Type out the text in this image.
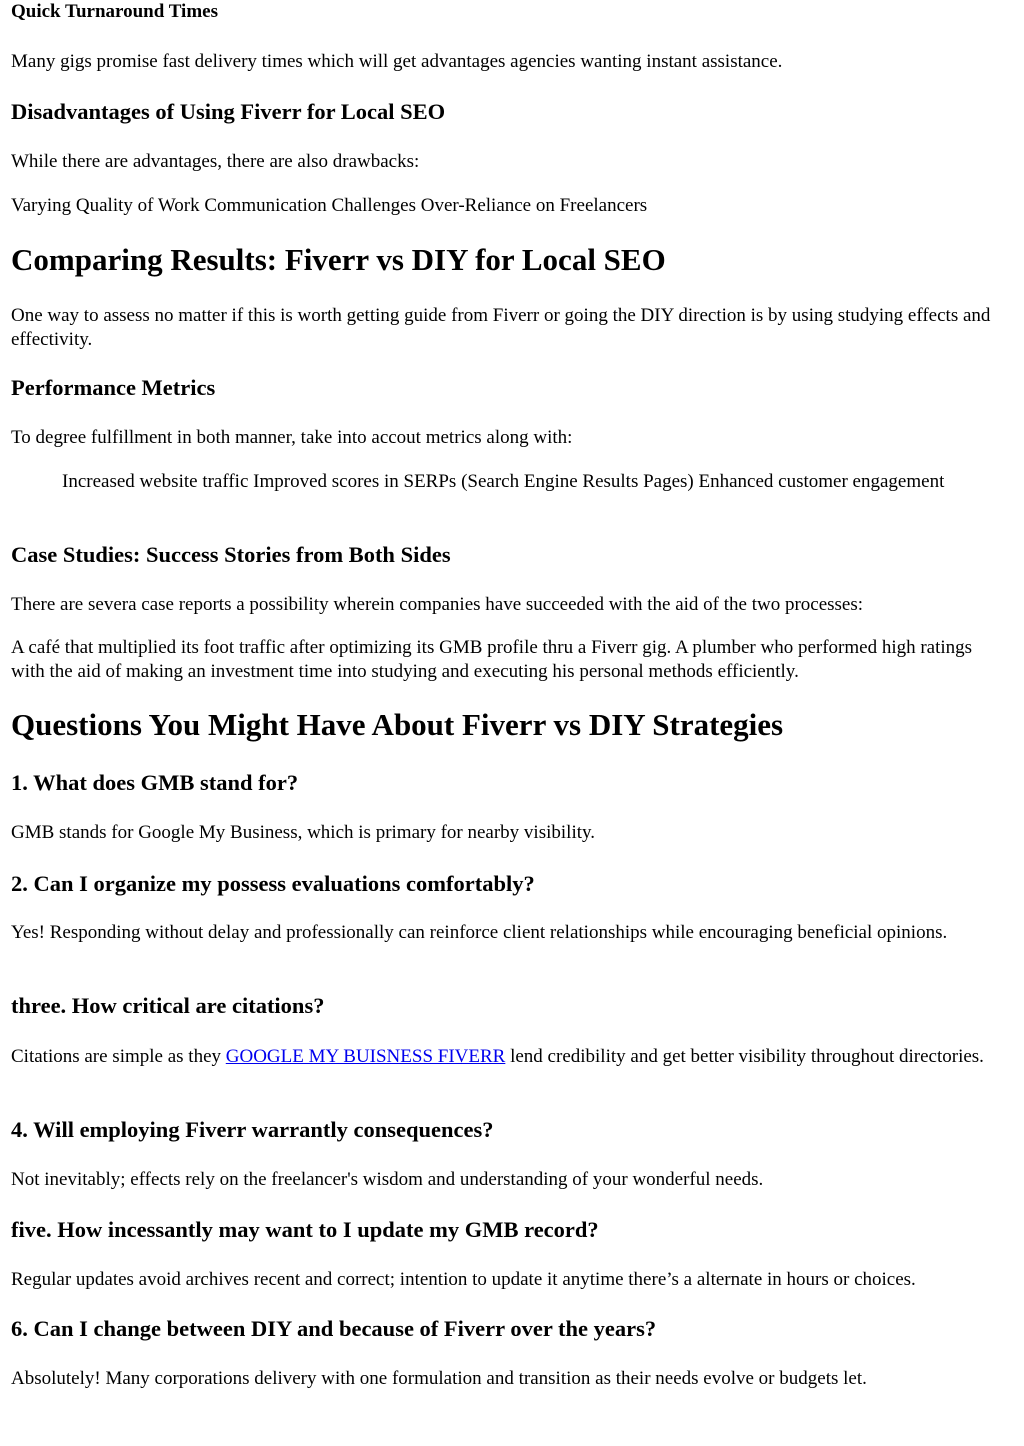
Quick Turnaround Times

Many gigs promise fast delivery times which will get advantages agencies wanting instant assistance.

Disadvantages of Using Fiverr for Local SEO

While there are advantages, there are also drawbacks:

Varying Quality of Work Communication Challenges Over-Reliance on Freelancers

Comparing Results: Fiverr vs DIY for Local SEO

One way to assess no matter if this is worth getting guide from Fiverr or going the DIY direction is by using studying effects and effectivity.

Performance Metrics

To degree fulfillment in both manner, take into accout metrics along with:

Increased website traffic Improved scores in SERPs (Search Engine Results Pages) Enhanced customer engagement
Case Studies: Success Stories from Both Sides

There are severa case reports a possibility wherein companies have succeeded with the aid of the two processes:

A café that multiplied its foot traffic after optimizing its GMB profile thru a Fiverr gig. A plumber who performed high ratings with the aid of making an investment time into studying and executing his personal methods efficiently.

Questions You Might Have About Fiverr vs DIY Strategies
1. What does GMB stand for?

GMB stands for Google My Business, which is primary for nearby visibility.

2. Can I organize my possess evaluations comfortably?

Yes! Responding without delay and professionally can reinforce client relationships while encouraging beneficial opinions.

three. How critical are citations?

Citations are simple as they GOOGLE MY BUISNESS FIVERR lend credibility and get better visibility throughout directories.

4. Will employing Fiverr warrantly consequences?

Not inevitably; effects rely on the freelancer's wisdom and understanding of your wonderful needs.

five. How incessantly may want to I update my GMB record?

Regular updates avoid archives recent and correct; intention to update it anytime there’s a alternate in hours or choices.

6. Can I change between DIY and because of Fiverr over the years?

Absolutely! Many corporations delivery with one formulation and transition as their needs evolve or budgets let.
